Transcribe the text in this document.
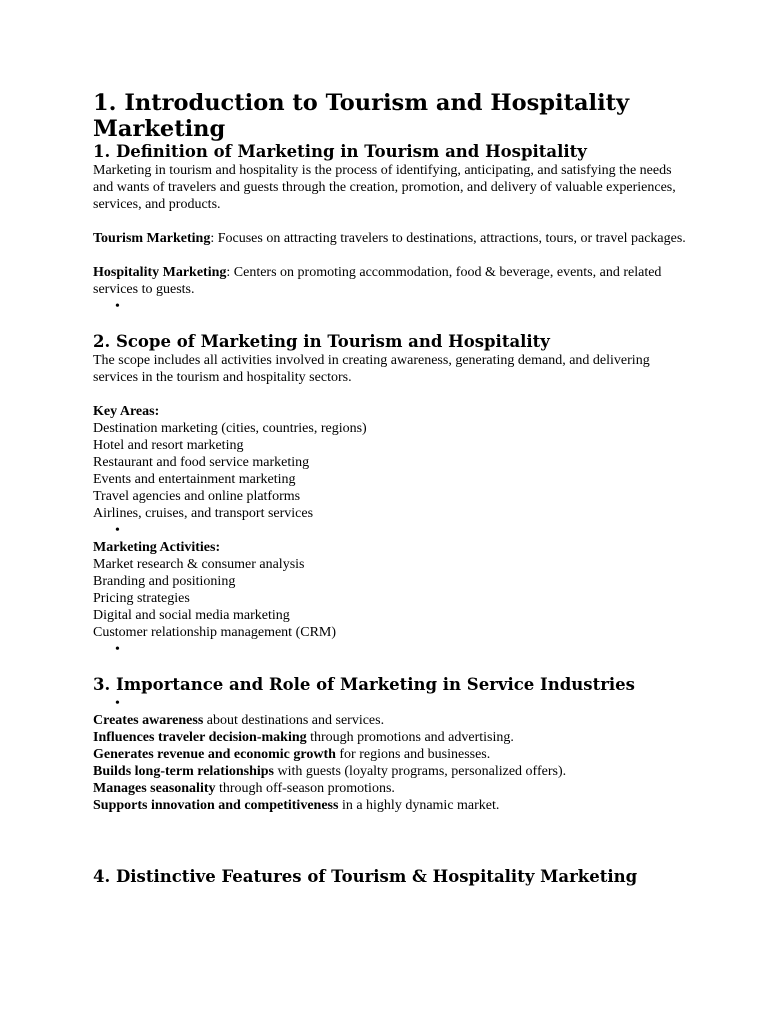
1. Introduction to Tourism and Hospitality Marketing
1. Definition of Marketing in Tourism and Hospitality

Marketing in tourism and hospitality is the process of identifying, anticipating, and satisfying the needs and wants of travelers and guests through the creation, promotion, and delivery of valuable experiences, services, and products.

Tourism Marketing: Focuses on attracting travelers to destinations, attractions, tours, or travel packages.

Hospitality Marketing: Centers on promoting accommodation, food & beverage, events, and related services to guests.

•
2. Scope of Marketing in Tourism and Hospitality

The scope includes all activities involved in creating awareness, generating demand, and delivering services in the tourism and hospitality sectors.

Key Areas:

Destination marketing (cities, countries, regions)
Hotel and resort marketing
Restaurant and food service marketing
Events and entertainment marketing
Travel agencies and online platforms
Airlines, cruises, and transport services
•

Marketing Activities:

Market research & consumer analysis
Branding and positioning
Pricing strategies
Digital and social media marketing
Customer relationship management (CRM)
•
3. Importance and Role of Marketing in Service Industries
•
Creates awareness about destinations and services.
Influences traveler decision-making through promotions and advertising.
Generates revenue and economic growth for regions and businesses.
Builds long-term relationships with guests (loyalty programs, personalized offers).
Manages seasonality through off-season promotions.
Supports innovation and competitiveness in a highly dynamic market.
4. Distinctive Features of Tourism & Hospitality Marketing
